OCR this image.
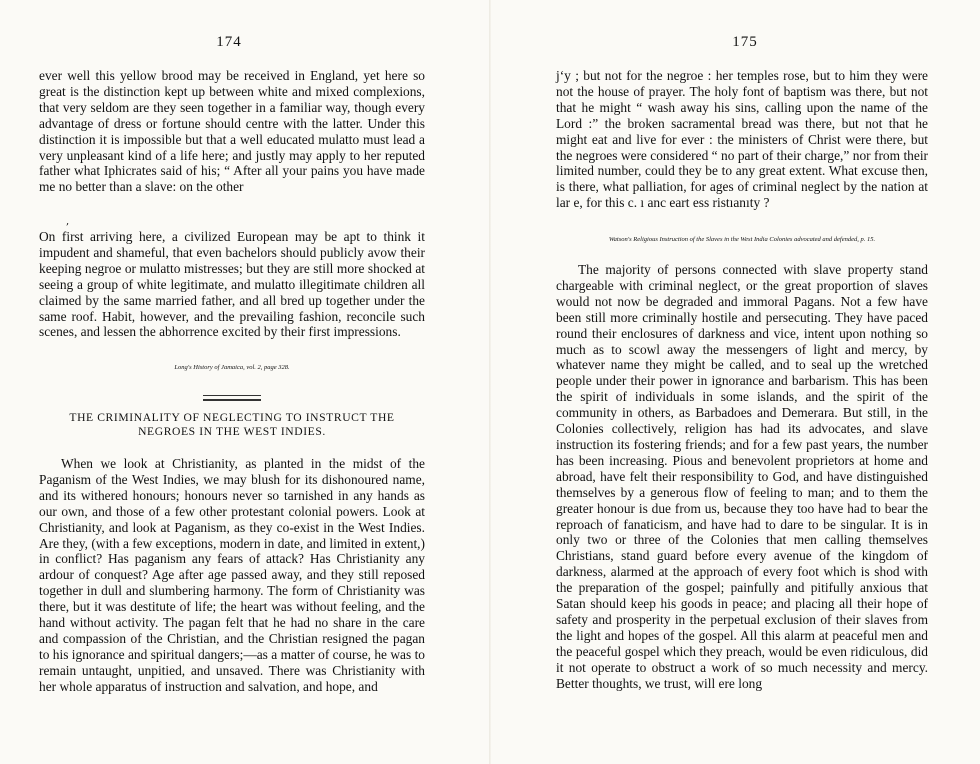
174

ever well this yellow brood may be received in England, yet here so great is the distinction kept up between white and mixed complexions, that very seldom are they seen together in a familiar way, though every advantage of dress or fortune should centre with the latter. Under this distinction it is impossible but that a well educated mulatto must lead a very unpleasant kind of a life here; and justly may apply to her reputed father what Iphicrates said of his; “ After all your pains you have made me no better than a slave: on the other

,

On first arriving here, a civilized European may be apt to think it impudent and shameful, that even bachelors should publicly avow their keeping negroe or mulatto mistresses; but they are still more shocked at seeing a group of white legitimate, and mulatto illegitimate children all claimed by the same married father, and all bred up together under the same roof. Habit, however, and the prevailing fashion, reconcile such scenes, and lessen the abhorrence excited by their first impressions.

Long's History of Jamaica, vol. 2, page 328.

THE CRIMINALITY OF NEGLECTING TO INSTRUCT THE

NEGROES IN THE WEST INDIES.

When we look at Christianity, as planted in the midst of the Paganism of the West Indies, we may blush for its dishonoured name, and its withered honours; honours never so tarnished in any hands as our own, and those of a few other protestant colonial powers. Look at Christianity, and look at Paganism, as they co-exist in the West Indies. Are they, (with a few exceptions, modern in date, and limited in extent,) in conflict? Has paganism any fears of attack? Has Christianity any ardour of conquest? Age after age passed away, and they still reposed together in dull and slumbering harmony. The form of Christianity was there, but it was destitute of life; the heart was without feeling, and the hand without activity. The pagan felt that he had no share in the care and compassion of the Christian, and the Christian resigned the pagan to his ignorance and spiritual dangers;—as a matter of course, he was to remain untaught, unpitied, and unsaved. There was Christianity with her whole apparatus of instruction and salvation, and hope, and

175

j‘y ; but not for the negroe : her temples rose, but to him they were not the house of prayer. The holy font of baptism was there, but not that he might “ wash away his sins, calling upon the name of the Lord :” the broken sacramental bread was there, but not that he might eat and live for ever : the ministers of Christ were there, but the negroes were considered “ no part of their charge,” nor from their limited number, could they be to any great extent. What excuse then, is there, what palliation, for ages of criminal neglect by the nation at lar e, for this c. ı anc eart ess ristıanıty ?

Watson's Religious Instruction of the Slaves in the West India Colonies advocated and defended, p. 15.

The majority of persons connected with slave property stand chargeable with criminal neglect, or the great proportion of slaves would not now be degraded and immoral Pagans. Not a few have been still more criminally hostile and persecuting. They have paced round their enclosures of darkness and vice, intent upon nothing so much as to scowl away the messengers of light and mercy, by whatever name they might be called, and to seal up the wretched people under their power in ignorance and barbarism. This has been the spirit of individuals in some islands, and the spirit of the community in others, as Barbadoes and Demerara. But still, in the Colonies collectively, religion has had its advocates, and slave instruction its fostering friends; and for a few past years, the number has been increasing. Pious and benevolent proprietors at home and abroad, have felt their responsibility to God, and have distinguished themselves by a generous flow of feeling to man; and to them the greater honour is due from us, because they too have had to bear the reproach of fanaticism, and have had to dare to be singular. It is in only two or three of the Colonies that men calling themselves Christians, stand guard before every avenue of the kingdom of darkness, alarmed at the approach of every foot which is shod with the preparation of the gospel; painfully and pitifully anxious that Satan should keep his goods in peace; and placing all their hope of safety and prosperity in the perpetual exclusion of their slaves from the light and hopes of the gospel. All this alarm at peaceful men and the peaceful gospel which they preach, would be even ridiculous, did it not operate to obstruct a work of so much necessity and mercy. Better thoughts, we trust, will ere long
